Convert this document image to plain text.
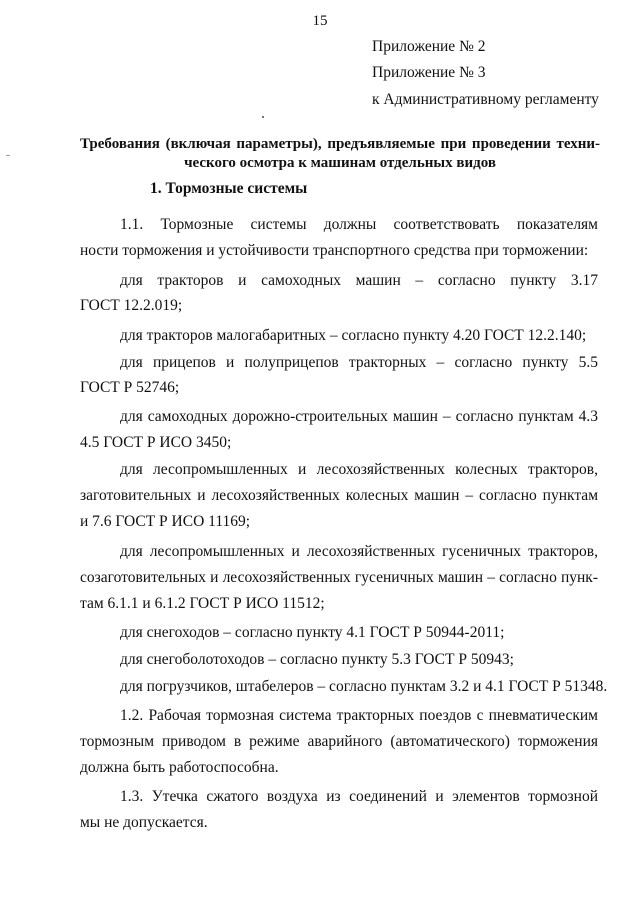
15
Приложение № 2
Приложение № 3
к Административному регламенту
Требования (включая параметры), предъявляемые при проведении техни-
ческого осмотра к машинам отдельных видов
1. Тормозные системы
1.1. Тормозные системы должны соответствовать показателям
ности торможения и устойчивости транспортного средства при торможении:
для тракторов и самоходных машин – согласно пункту 3.17
ГОСТ 12.2.019;
для тракторов малогабаритных – согласно пункту 4.20 ГОСТ 12.2.140;
для прицепов и полуприцепов тракторных – согласно пункту 5.5
ГОСТ Р 52746;
для самоходных дорожно-строительных машин – согласно пунктам 4.3
4.5 ГОСТ Р ИСО 3450;
для лесопромышленных и лесохозяйственных колесных тракторов,
заготовительных и лесохозяйственных колесных машин – согласно пунктам
и 7.6 ГОСТ Р ИСО 11169;
для лесопромышленных и лесохозяйственных гусеничных тракторов,
созаготовительных и лесохозяйственных гусеничных машин – согласно пунк-
там 6.1.1 и 6.1.2 ГОСТ Р ИСО 11512;
для снегоходов – согласно пункту 4.1 ГОСТ Р 50944-2011;
для снегоболотоходов – согласно пункту 5.3 ГОСТ Р 50943;
для погрузчиков, штабелеров – согласно пунктам 3.2 и 4.1 ГОСТ Р 51348.
1.2. Рабочая тормозная система тракторных поездов с пневматическим
тормозным приводом в режиме аварийного (автоматического) торможения
должна быть работоспособна.
1.3. Утечка сжатого воздуха из соединений и элементов тормозной
мы не допускается.
